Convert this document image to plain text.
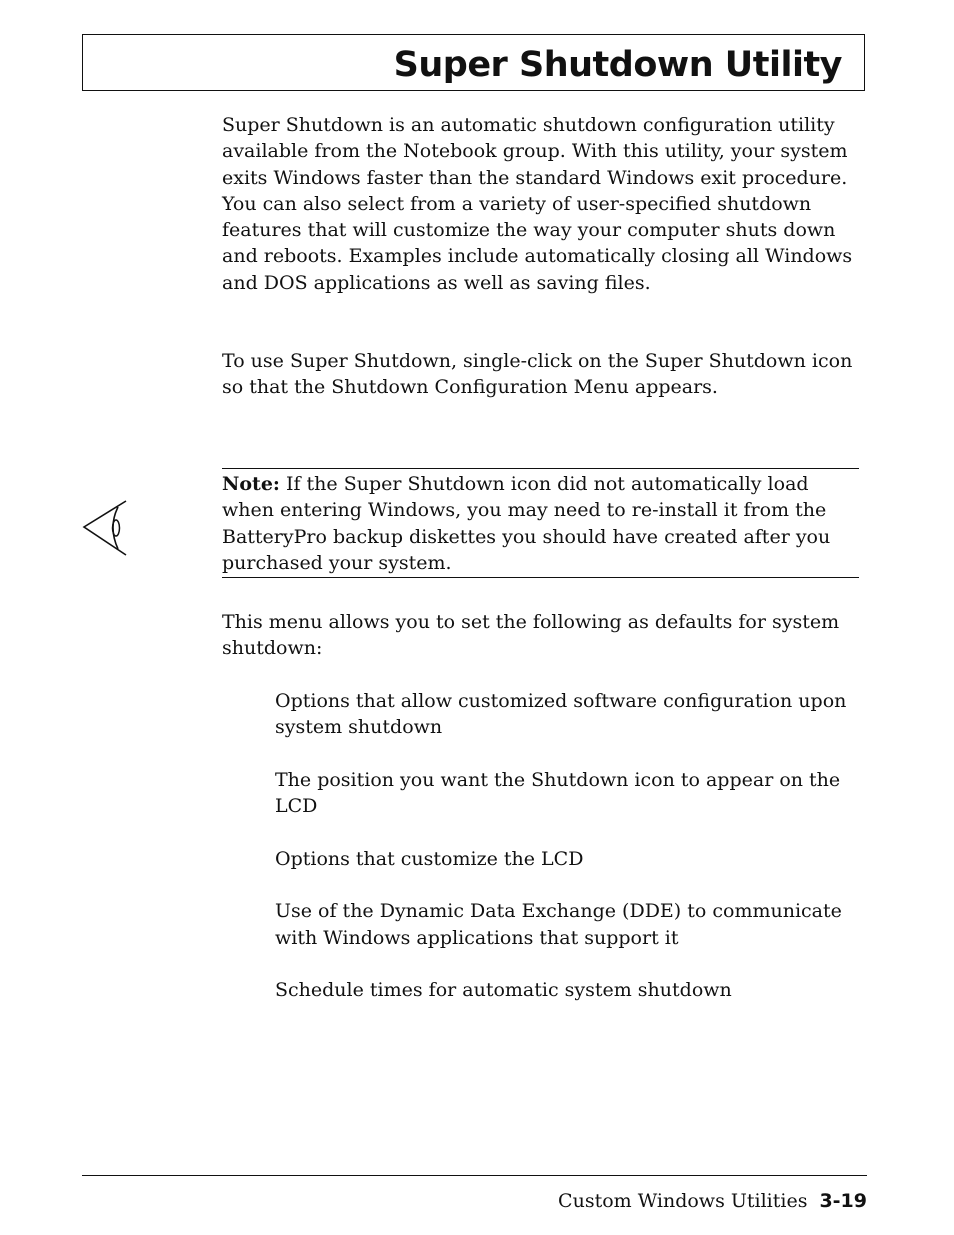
Super Shutdown Utility

Super Shutdown is an automatic shutdown configuration utility available from the Notebook group. With this utility, your system exits Windows faster than the standard Windows exit procedure. You can also select from a variety of user-specified shutdown features that will customize the way your computer shuts down and reboots. Examples include automatically closing all Windows and DOS applications as well as saving files.

To use Super Shutdown, single-click on the Super Shutdown icon so that the Shutdown Configuration Menu appears.

Note: If the Super Shutdown icon did not automatically load when entering Windows, you may need to re-install it from the BatteryPro backup diskettes you should have created after you purchased your system.

This menu allows you to set the following as defaults for system shutdown:

Options that allow customized software configuration upon system shutdown
The position you want the Shutdown icon to appear on the LCD
Options that customize the LCD
Use of the Dynamic Data Exchange (DDE) to communicate with Windows applications that support it
Schedule times for automatic system shutdown
Custom Windows Utilities 3-19
